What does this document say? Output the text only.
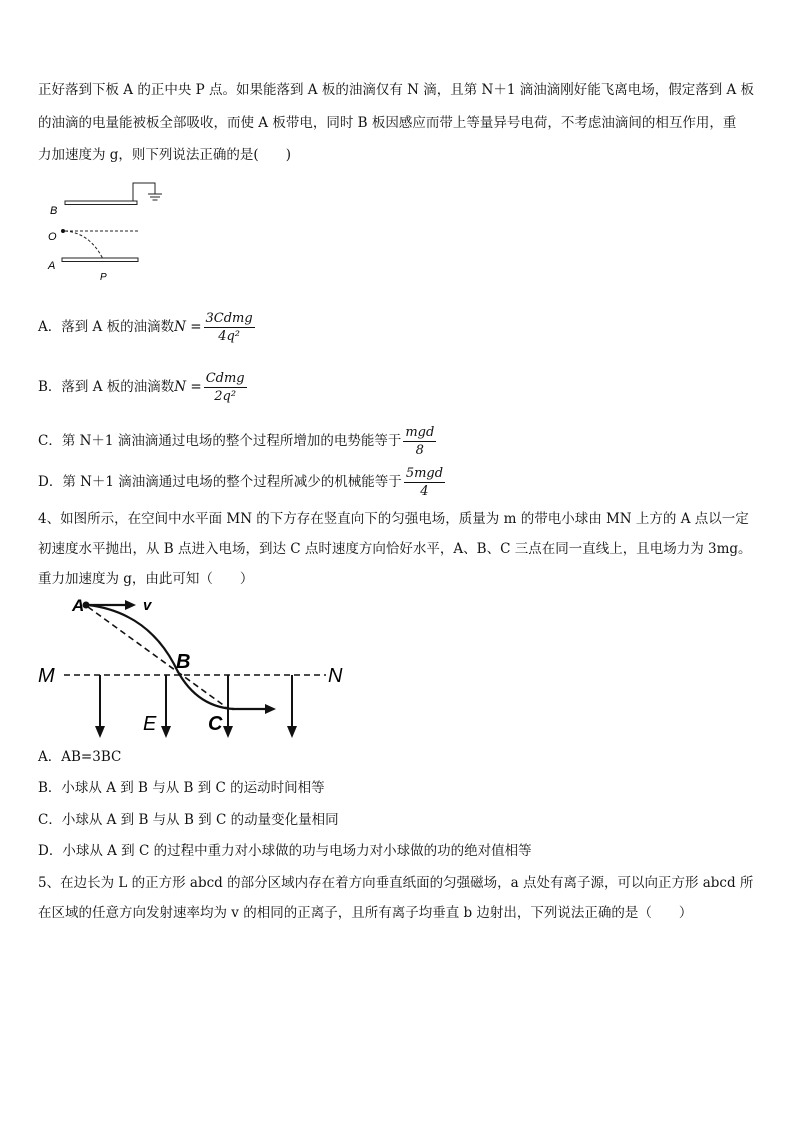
正好落到下板 A 的正中央 P 点。如果能落到 A 板的油滴仅有 N 滴，且第 N＋1 滴油滴刚好能飞离电场，假定落到 A 板
的油滴的电量能被板全部吸收，而使 A 板带电，同时 B 板因感应而带上等量异号电荷，不考虑油滴间的相互作用，重
力加速度为 g，则下列说法正确的是(　　)
B
O
A
P
A．落到 A 板的油滴数$N = \frac{\text{3Cdmg}}{\text{4q²}}$
B．落到 A 板的油滴数$N = \frac{\text{Cdmg}}{\text{2q²}}$
C．第 N＋1 滴油滴通过电场的整个过程所增加的电势能等于 $\frac{\text{mgd}}{8}$
D．第 N＋1 滴油滴通过电场的整个过程所减少的机械能等于 $\frac{\text{5mgd}}{4}$
4、如图所示，在空间中水平面 MN 的下方存在竖直向下的匀强电场，质量为 m 的带电小球由 MN 上方的 A 点以一定
初速度水平抛出，从 B 点进入电场，到达 C 点时速度方向恰好水平，A、B、C 三点在同一直线上，且电场力为 3mg。
重力加速度为 g，由此可知（　　）
A	v
M	N
E
B
C
A．AB=3BC
B．小球从 A 到 B 与从 B 到 C 的运动时间相等
C．小球从 A 到 B 与从 B 到 C 的动量变化量相同
D．小球从 A 到 C 的过程中重力对小球做的功与电场力对小球做的功的绝对值相等
5、在边长为 L 的正方形 abcd 的部分区域内存在着方向垂直纸面的匀强磁场，a 点处有离子源，可以向正方形 abcd 所
在区域的任意方向发射速率均为 v 的相同的正离子，且所有离子均垂直 b 边射出，下列说法正确的是（　　）
